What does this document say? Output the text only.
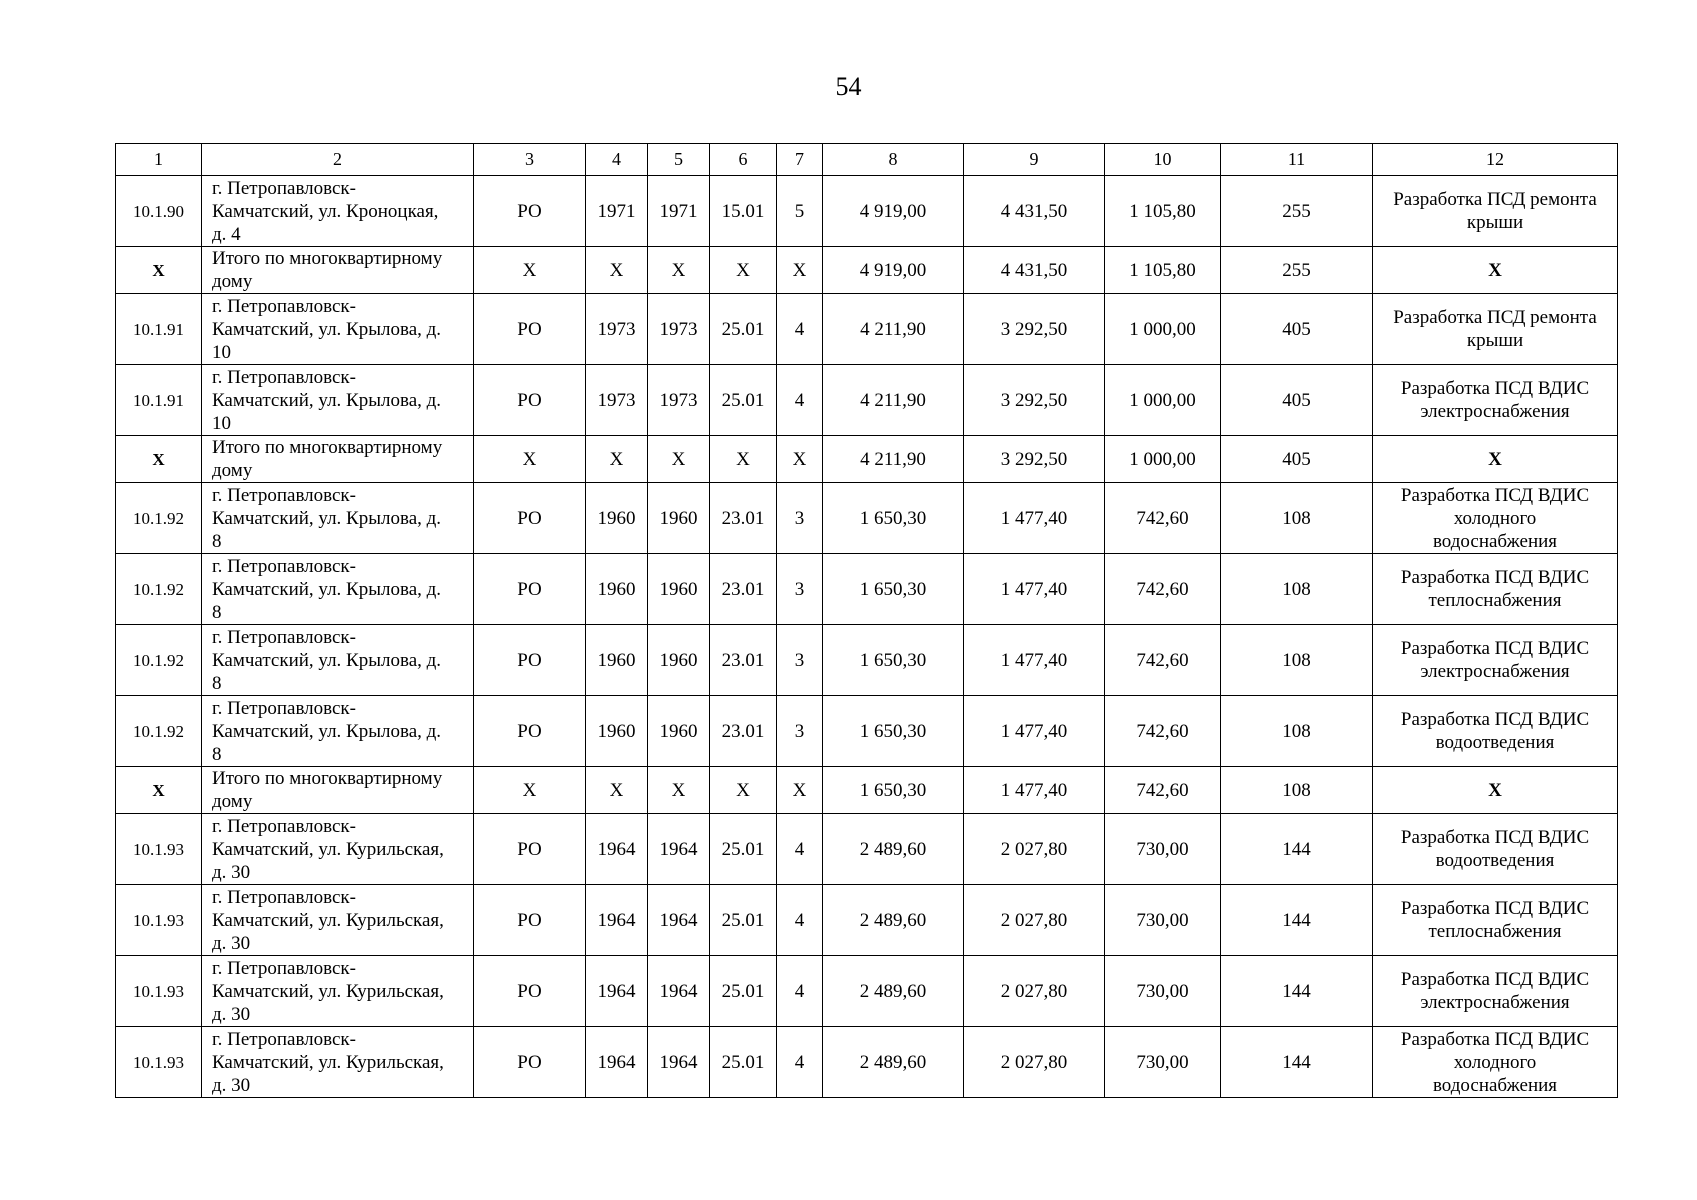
54
1	2	3	4	5	6	7	8	9	10	11	12
10.1.90	г. Петропавловск-
Камчатский, ул. Кроноцкая,
д. 4	РО	1971	1971	15.01	5	4 919,00	4 431,50	1 105,80	255	Разработка ПСД ремонта
крыши

Х	Итого по многоквартирному
дому	Х	Х	Х	Х	Х	4 919,00	4 431,50	1 105,80	255	Х

10.1.91	г. Петропавловск-
Камчатский, ул. Крылова, д.
10	РО	1973	1973	25.01	4	4 211,90	3 292,50	1 000,00	405	Разработка ПСД ремонта
крыши

10.1.91	г. Петропавловск-
Камчатский, ул. Крылова, д.
10	РО	1973	1973	25.01	4	4 211,90	3 292,50	1 000,00	405	Разработка ПСД ВДИС
электроснабжения

Х	Итого по многоквартирному
дому	Х	Х	Х	Х	Х	4 211,90	3 292,50	1 000,00	405	Х

10.1.92	г. Петропавловск-
Камчатский, ул. Крылова, д.
8	РО	1960	1960	23.01	3	1 650,30	1 477,40	742,60	108	Разработка ПСД ВДИС
холодного
водоснабжения

10.1.92	г. Петропавловск-
Камчатский, ул. Крылова, д.
8	РО	1960	1960	23.01	3	1 650,30	1 477,40	742,60	108	Разработка ПСД ВДИС
теплоснабжения

10.1.92	г. Петропавловск-
Камчатский, ул. Крылова, д.
8	РО	1960	1960	23.01	3	1 650,30	1 477,40	742,60	108	Разработка ПСД ВДИС
электроснабжения

10.1.92	г. Петропавловск-
Камчатский, ул. Крылова, д.
8	РО	1960	1960	23.01	3	1 650,30	1 477,40	742,60	108	Разработка ПСД ВДИС
водоотведения

Х	Итого по многоквартирному
дому	Х	Х	Х	Х	Х	1 650,30	1 477,40	742,60	108	Х

10.1.93	г. Петропавловск-
Камчатский, ул. Курильская,
д. 30	РО	1964	1964	25.01	4	2 489,60	2 027,80	730,00	144	Разработка ПСД ВДИС
водоотведения

10.1.93	г. Петропавловск-
Камчатский, ул. Курильская,
д. 30	РО	1964	1964	25.01	4	2 489,60	2 027,80	730,00	144	Разработка ПСД ВДИС
теплоснабжения

10.1.93	г. Петропавловск-
Камчатский, ул. Курильская,
д. 30	РО	1964	1964	25.01	4	2 489,60	2 027,80	730,00	144	Разработка ПСД ВДИС
электроснабжения

10.1.93	г. Петропавловск-
Камчатский, ул. Курильская,
д. 30	РО	1964	1964	25.01	4	2 489,60	2 027,80	730,00	144	Разработка ПСД ВДИС
холодного
водоснабжения
